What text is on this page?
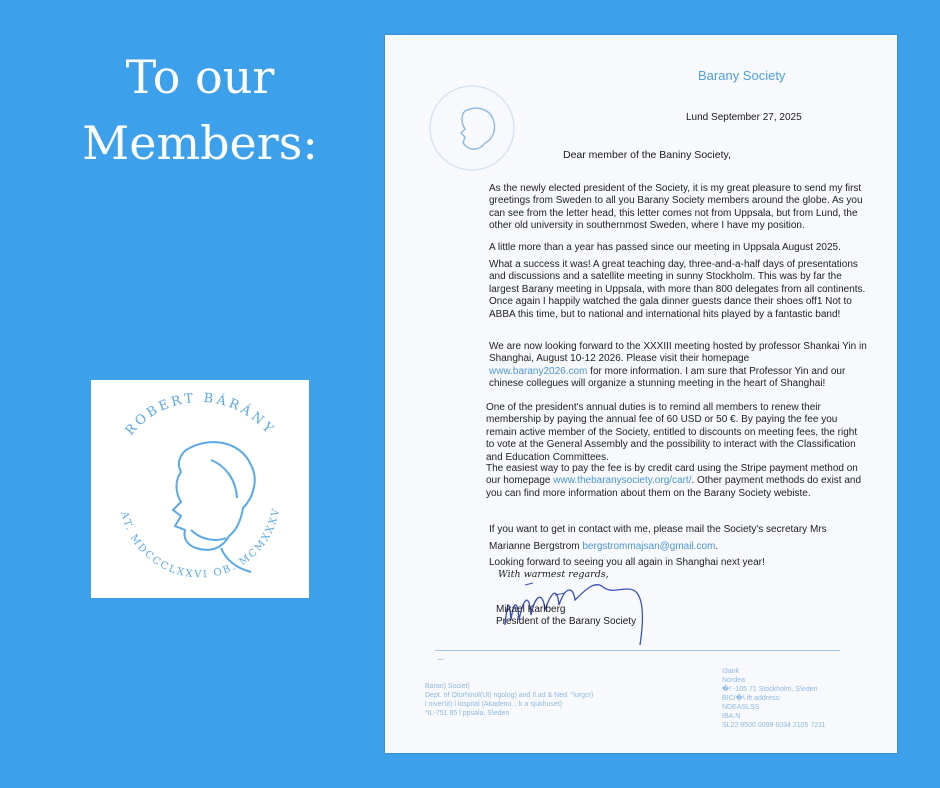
To our
Members:
ROBERT BÁRÁNY
AT. MDCCCLXXVI OB. MCMXXXV
Barany Society
Lund September 27, 2025
Dear member of the Baniny Society,
As the newly elected president of the Society, it is my great pleasure to send my first greetings from Sweden to all you Barany Society members around the globe. As you can see from the letter head, this letter comes not from Uppsala, but from Lund, the other old university in southernmost Sweden, where I have my position.
A little more than a year has passed since our meeting in Uppsala August 2025.
What a success it was! A great teaching day, three-and-a-half days of presentations and discussions and a satellite meeting in sunny Stockholm. This was by far the largest Barany meeting in Uppsala, with more than 800 delegates from all continents. Once again I happily watched the gala dinner guests dance their shoes off1 Not to ABBA this time, but to national and international hits played by a fantastic band!
We are now looking forward to the XXXIII meeting hosted by professor Shankai Yin in Shanghai, August 10-12 2026. Please visit their homepage
www.barany2026.com for more information. I am sure that Professor Yin and our chinese collegues will organize a stunning meeting in the heart of Shanghai!
One of the president's annual duties is to remind all members to renew their membership by paying the annual fee of 60 USD or 50 €. By paying the fee you remain active member of the Society, entitled to discounts on meeting fees, the right to vote at the General Assembly and the possibility to interact with the Classification and Education Committees.
The easiest way to pay the fee is by credit card using the Stripe payment method on our homepage www.thebaranysociety.org/cart/. Other payment methods do exist and you can find more information about them on the Barany Society webiste.
If you want to get in contact with me, please mail the Society's secretary Mrs Marianne Bergstrom bergstrommajsan@gmail.com.
Looking forward to seeing you all again in Shanghai next year!
With warmest regards,
Mikael Karlberg
President of the Barany Society
–
Baran) Societ)
Dept. of Otorhinol(Ut) ngolog) and Il.ad & Ned. "iurgcr)
l niver'iit) l lospital (Akademi... k a sjukhuset)
*IL-751 85 l ppsala. S\eden
I3ank
Nordea
�! -105 71 Stockholm, S\eden
BIC/�\ ift address:
NDEASLSS
IBA.N
SL22 9500 0099 6034 2105 7211
